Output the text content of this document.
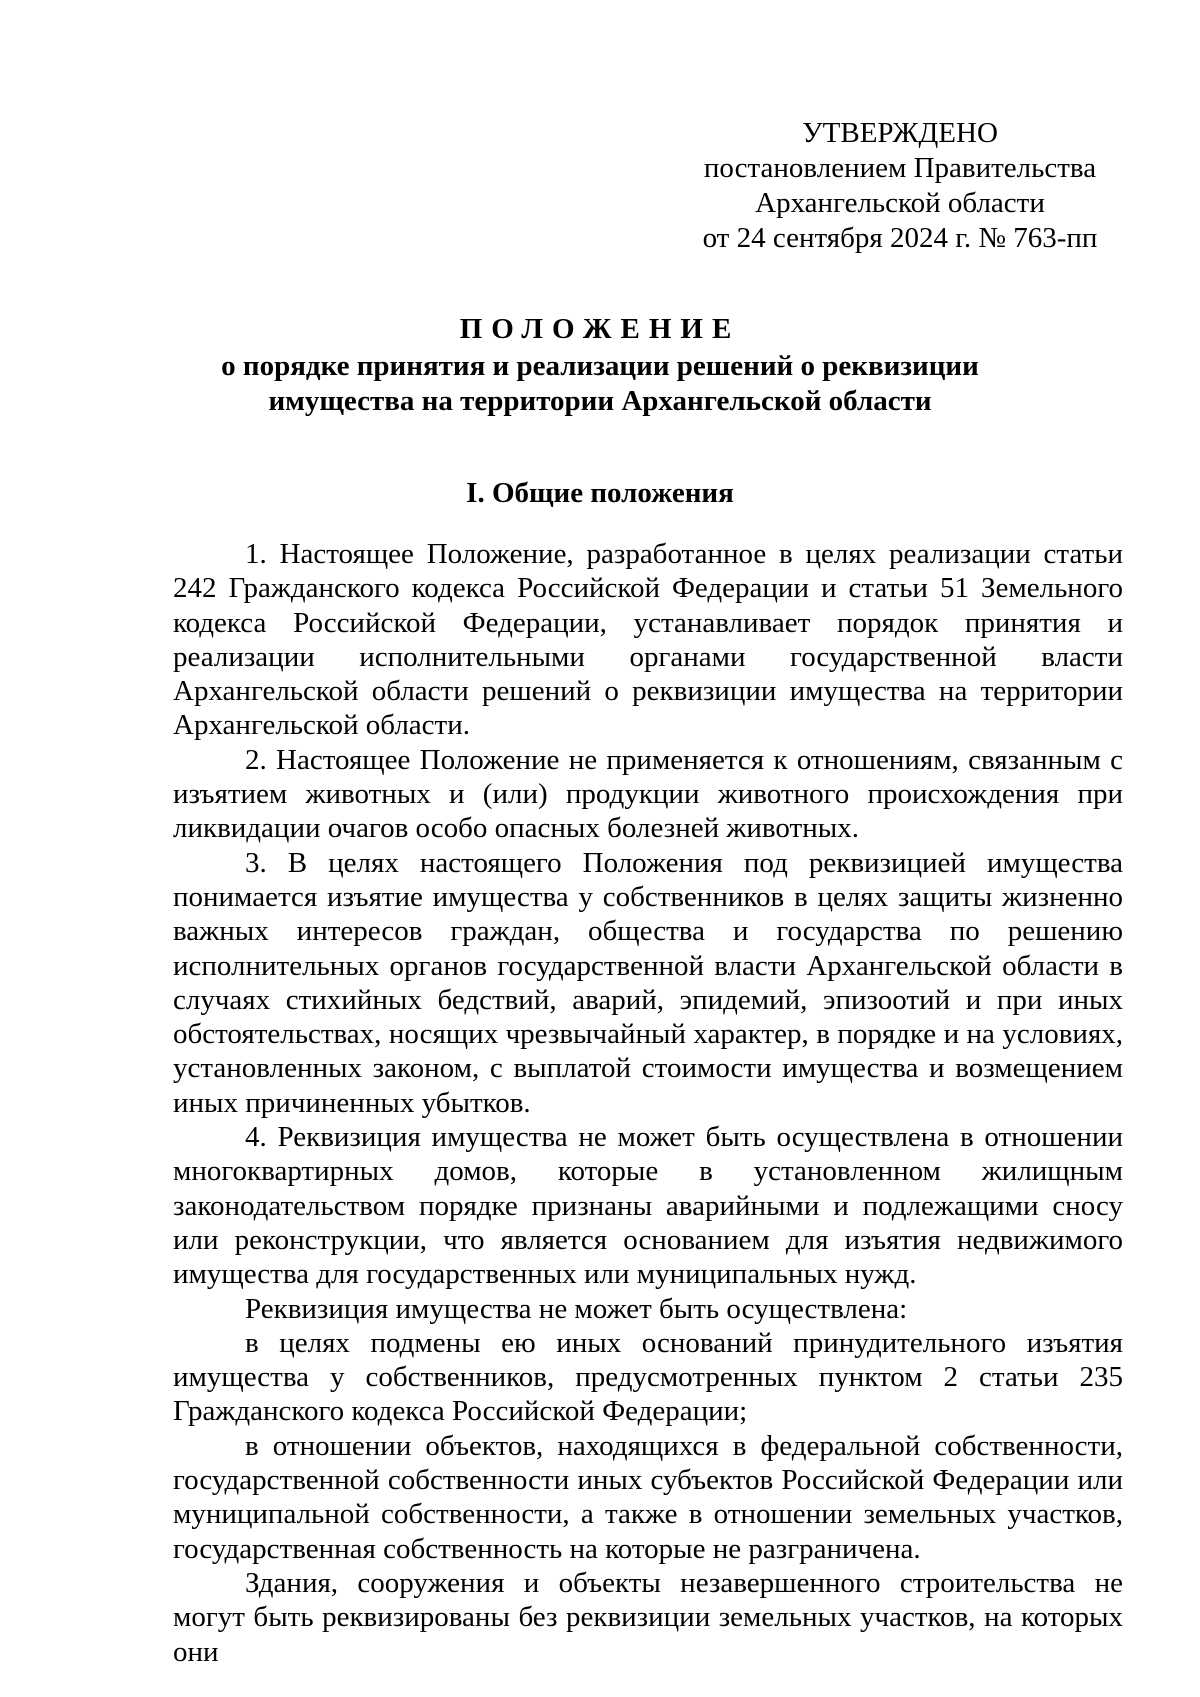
УТВЕРЖДЕНО
постановлением Правительства
Архангельской области
от 24 сентября 2024 г. № 763-пп
ПОЛОЖЕНИЕ
о порядке принятия и реализации решений о реквизиции
имущества на территории Архангельской области
I. Общие положения

1. Настоящее Положение, разработанное в целях реализации статьи 242 Гражданского кодекса Российской Федерации и статьи 51 Земельного кодекса Российской Федерации, устанавливает порядок принятия и реализации исполнительными органами государственной власти Архангельской области решений о реквизиции имущества на территории Архангельской области.

2. Настоящее Положение не применяется к отношениям, связанным с изъятием животных и (или) продукции животного происхождения при ликвидации очагов особо опасных болезней животных.

3. В целях настоящего Положения под реквизицией имущества понимается изъятие имущества у собственников в целях защиты жизненно важных интересов граждан, общества и государства по решению исполнительных органов государственной власти Архангельской области в случаях стихийных бедствий, аварий, эпидемий, эпизоотий и при иных обстоятельствах, носящих чрезвычайный характер, в порядке и на условиях, установленных законом, с выплатой стоимости имущества и возмещением иных причиненных убытков.

4. Реквизиция имущества не может быть осуществлена в отношении многоквартирных домов, которые в установленном жилищным законодательством порядке признаны аварийными и подлежащими сносу или реконструкции, что является основанием для изъятия недвижимого имущества для государственных или муниципальных нужд.

Реквизиция имущества не может быть осуществлена:

в целях подмены ею иных оснований принудительного изъятия имущества у собственников, предусмотренных пунктом 2 статьи 235 Гражданского кодекса Российской Федерации;

в отношении объектов, находящихся в федеральной собственности, государственной собственности иных субъектов Российской Федерации или муниципальной собственности, а также в отношении земельных участков, государственная собственность на которые не разграничена.

Здания, сооружения и объекты незавершенного строительства не могут быть реквизированы без реквизиции земельных участков, на которых они
